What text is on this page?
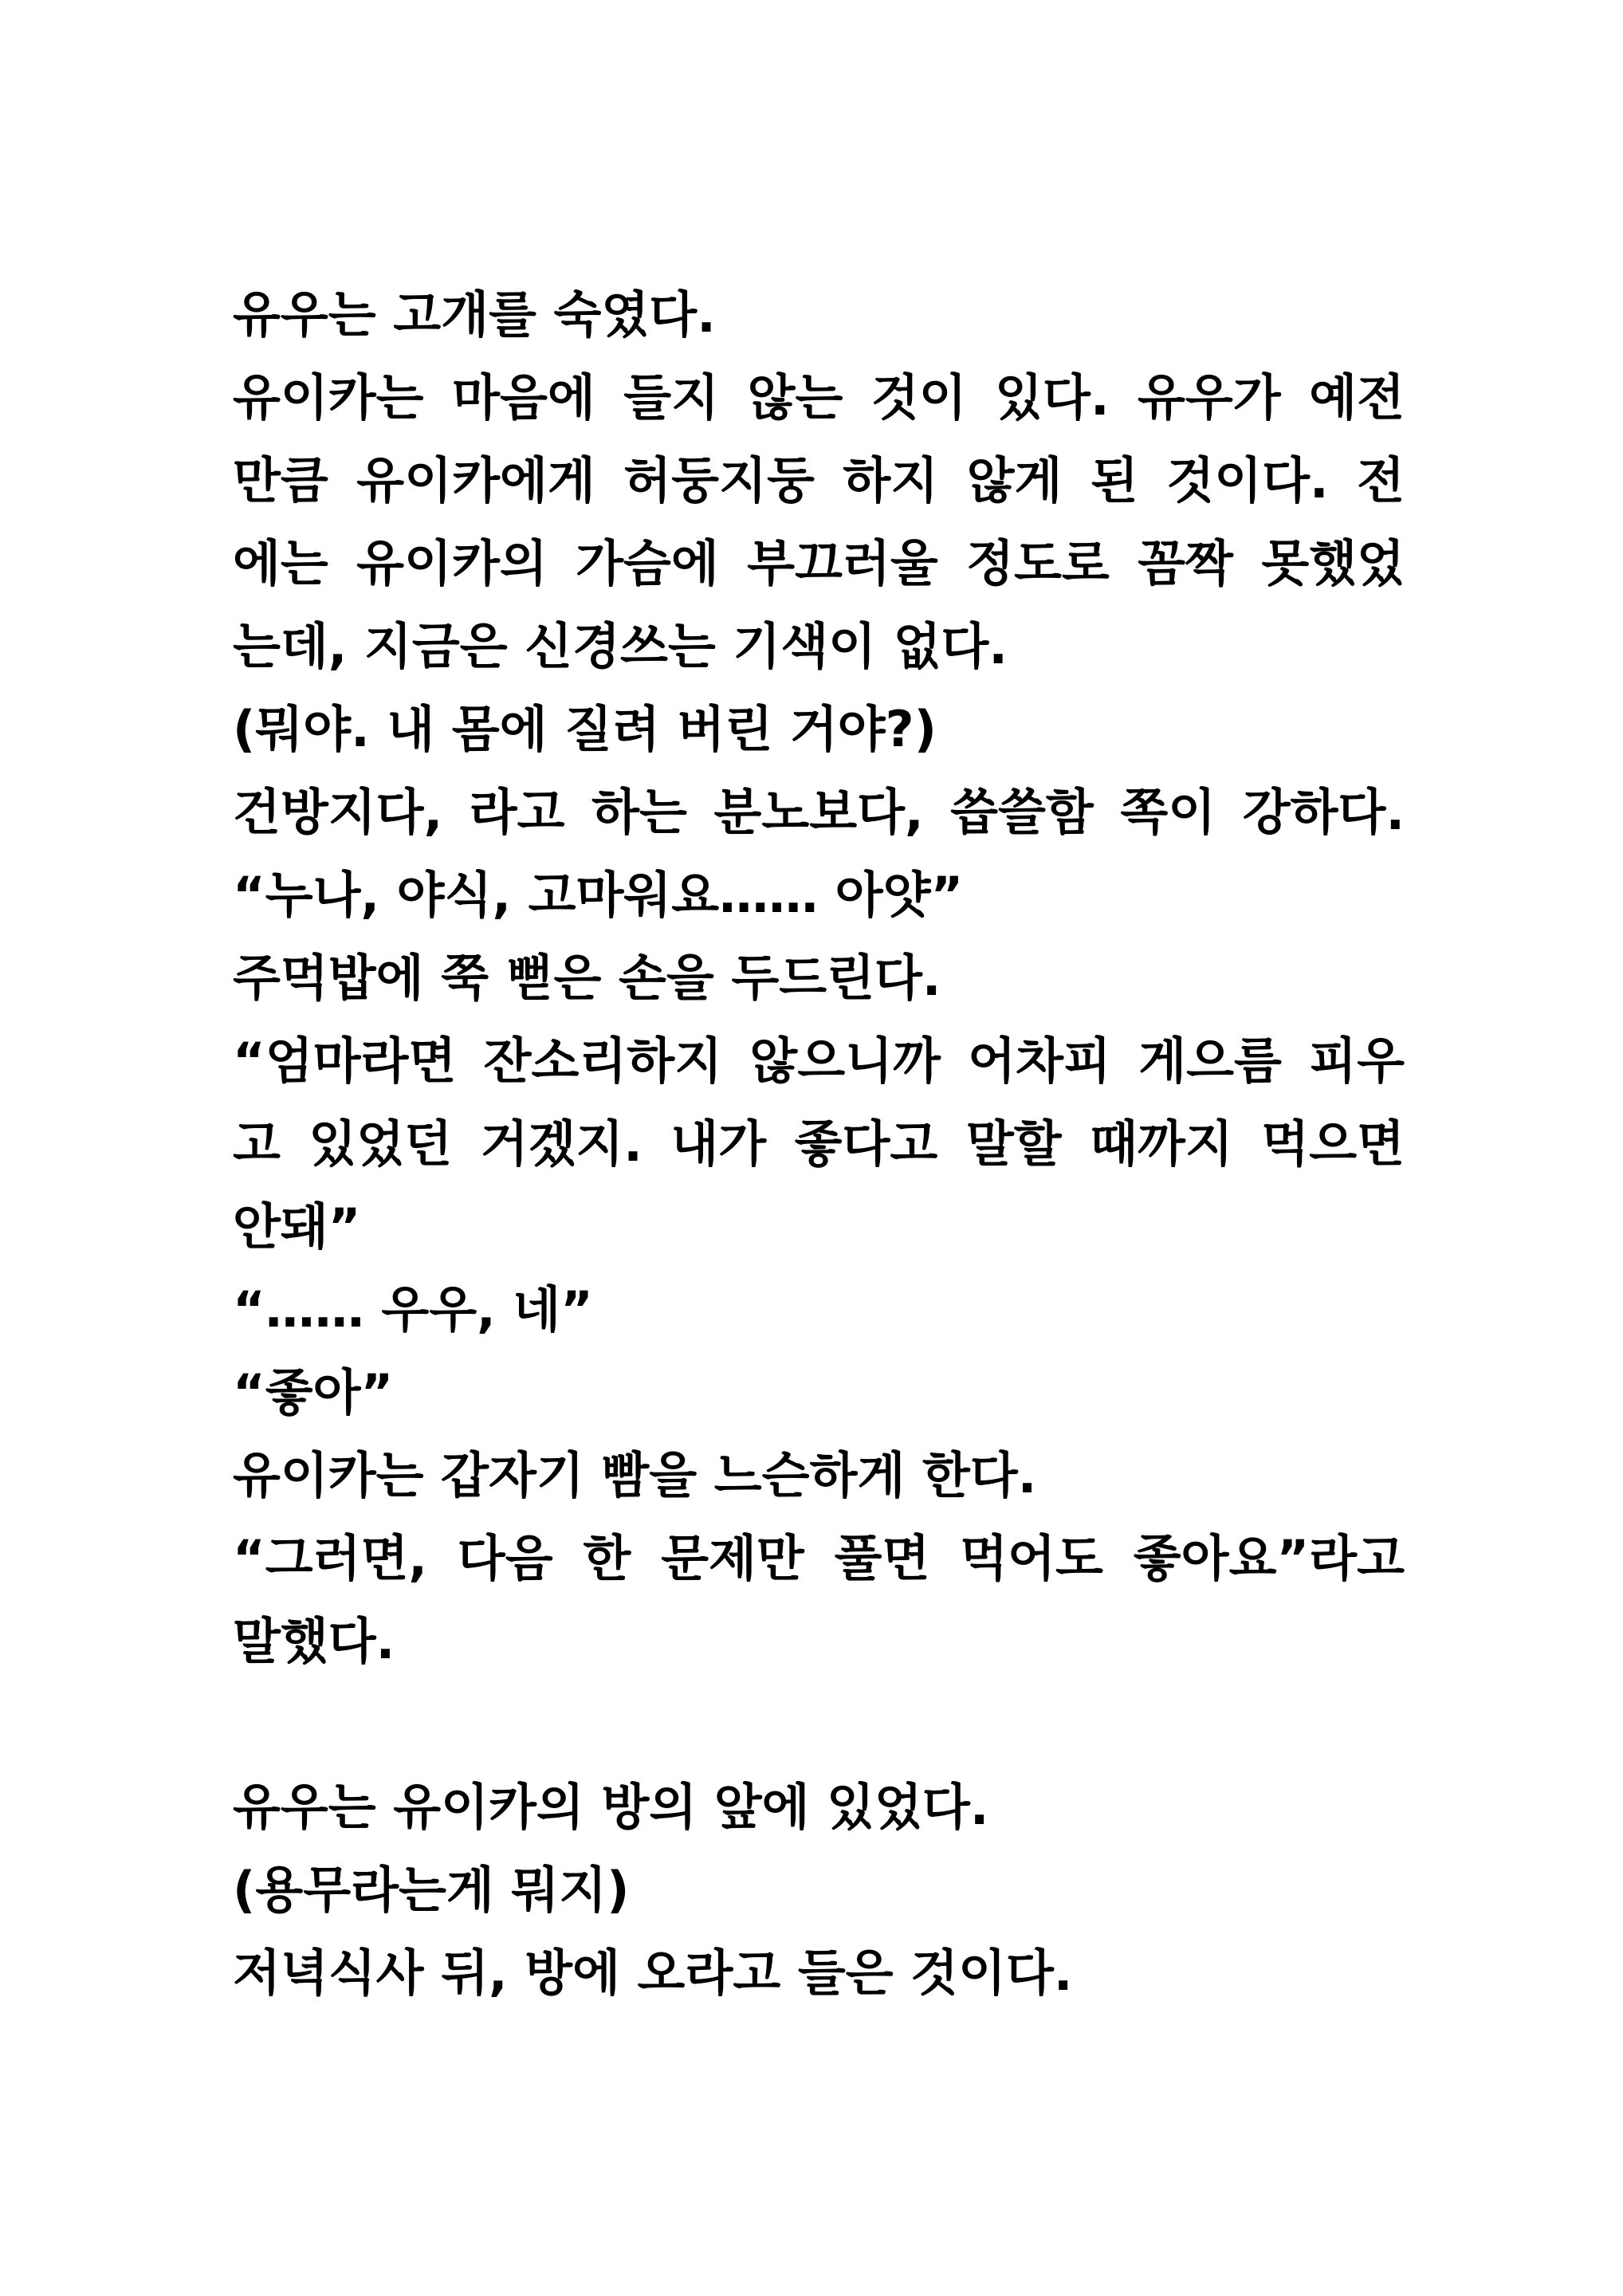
유우는 고개를 숙였다.
유이카는 마음에 들지 않는 것이 있다. 유우가 예전
만큼 유이카에게 허둥지둥 하지 않게 된 것이다. 전
에는 유이카의 가슴에 부끄러울 정도로 꼼짝 못했었
는데, 지금은 신경쓰는 기색이 없다.
(뭐야. 내 몸에 질려 버린 거야?)
건방지다, 라고 하는 분노보다, 씁쓸함 쪽이 강하다.
“누나, 야식, 고마워요…… 아얏”
주먹밥에 쭉 뻗은 손을 두드린다.
“엄마라면 잔소리하지 않으니까 어차피 게으름 피우
고 있었던 거겠지. 내가 좋다고 말할 때까지 먹으면
안돼”
“…… 우우, 네”
“좋아”
유이카는 갑자기 빰을 느슨하게 한다.
“그러면, 다음 한 문제만 풀면 먹어도 좋아요”라고
말했다.
유우는 유이카의 방의 앞에 있었다.
(용무라는게 뭐지)
저녁식사 뒤, 방에 오라고 들은 것이다.
